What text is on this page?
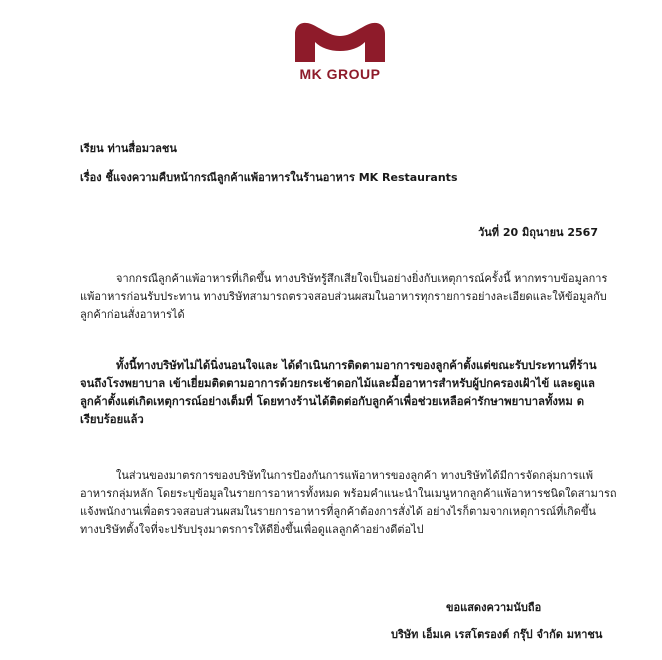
MK GROUP
เรียน ท่านสื่อมวลชน
เรื่อง ชี้แจงความคืบหน้ากรณีลูกค้าแพ้อาหารในร้านอาหาร MK Restaurants
วันที่ 20 มิถุนายน 2567

จากกรณีลูกค้าแพ้อาหารที่เกิดขึ้น ทางบริษัทรู้สึกเสียใจเป็นอย่างยิ่งกับเหตุการณ์ครั้งนี้ หากทราบข้อมูลการ

แพ้อาหารก่อนรับประทาน ทางบริษัทสามารถตรวจสอบส่วนผสมในอาหารทุกรายการอย่างละเอียดและให้ข้อมูลกับ

ลูกค้าก่อนสั่งอาหารได้

ทั้งนี้ทางบริษัทไม่ได้นิ่งนอนใจและ ได้ดำเนินการติดตามอาการของลูกค้าตั้งแต่ขณะรับประทานที่ร้าน

จนถึงโรงพยาบาล เข้าเยี่ยมติดตามอาการด้วยกระเช้าดอกไม้และมื้ออาหารสำหรับผู้ปกครองเฝ้าไข้ และดูแล

ลูกค้าตั้งแต่เกิดเหตุการณ์อย่างเต็มที่ โดยทางร้านได้ติดต่อกับลูกค้าเพื่อช่วยเหลือค่ารักษาพยาบาลทั้งหม ด

เรียบร้อยแล้ว

ในส่วนของมาตรการของบริษัทในการป้องกันการแพ้อาหารของลูกค้า ทางบริษัทได้มีการจัดกลุ่มการแพ้

อาหารกลุ่มหลัก โดยระบุข้อมูลในรายการอาหารทั้งหมด พร้อมคำแนะนำในเมนูหากลูกค้าแพ้อาหารชนิดใดสามารถ

แจ้งพนักงานเพื่อตรวจสอบส่วนผสมในรายการอาหารที่ลูกค้าต้องการสั่งได้ อย่างไรก็ตามจากเหตุการณ์ที่เกิดขึ้น

ทางบริษัทตั้งใจที่จะปรับปรุงมาตรการให้ดียิ่งขึ้นเพื่อดูแลลูกค้าอย่างดีต่อไป

ขอแสดงความนับถือ
บริษัท เอ็มเค เรสโตรองต์ กรุ๊ป จำกัด มหาชน
